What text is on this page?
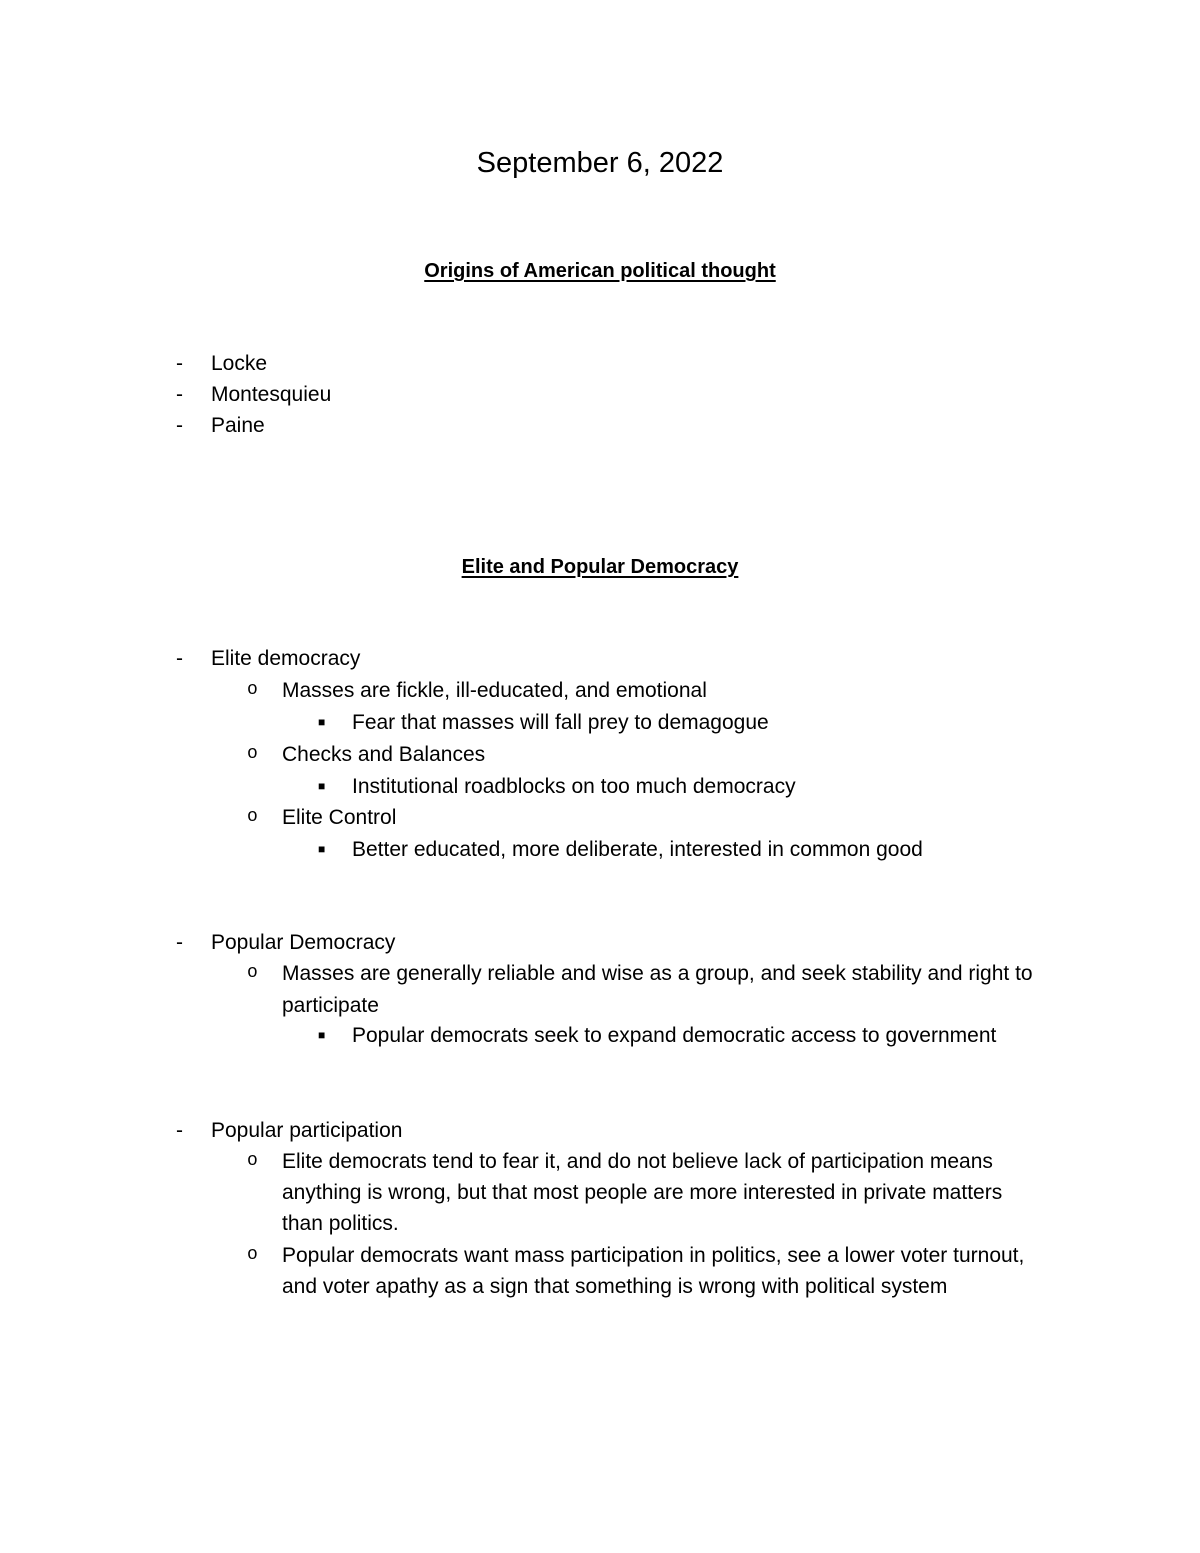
September 6, 2022
Origins of American political thought
- Locke
- Montesquieu
- Paine
Elite and Popular Democracy
- Elite democracy
o Masses are fickle, ill-educated, and emotional
■ Fear that masses will fall prey to demagogue
o Checks and Balances
■ Institutional roadblocks on too much democracy
o Elite Control
■ Better educated, more deliberate, interested in common good
- Popular Democracy
o Masses are generally reliable and wise as a group, and seek stability and right to
participate
■ Popular democrats seek to expand democratic access to government
- Popular participation
o Elite democrats tend to fear it, and do not believe lack of participation means
anything is wrong, but that most people are more interested in private matters
than politics.
o Popular democrats want mass participation in politics, see a lower voter turnout,
and voter apathy as a sign that something is wrong with political system
